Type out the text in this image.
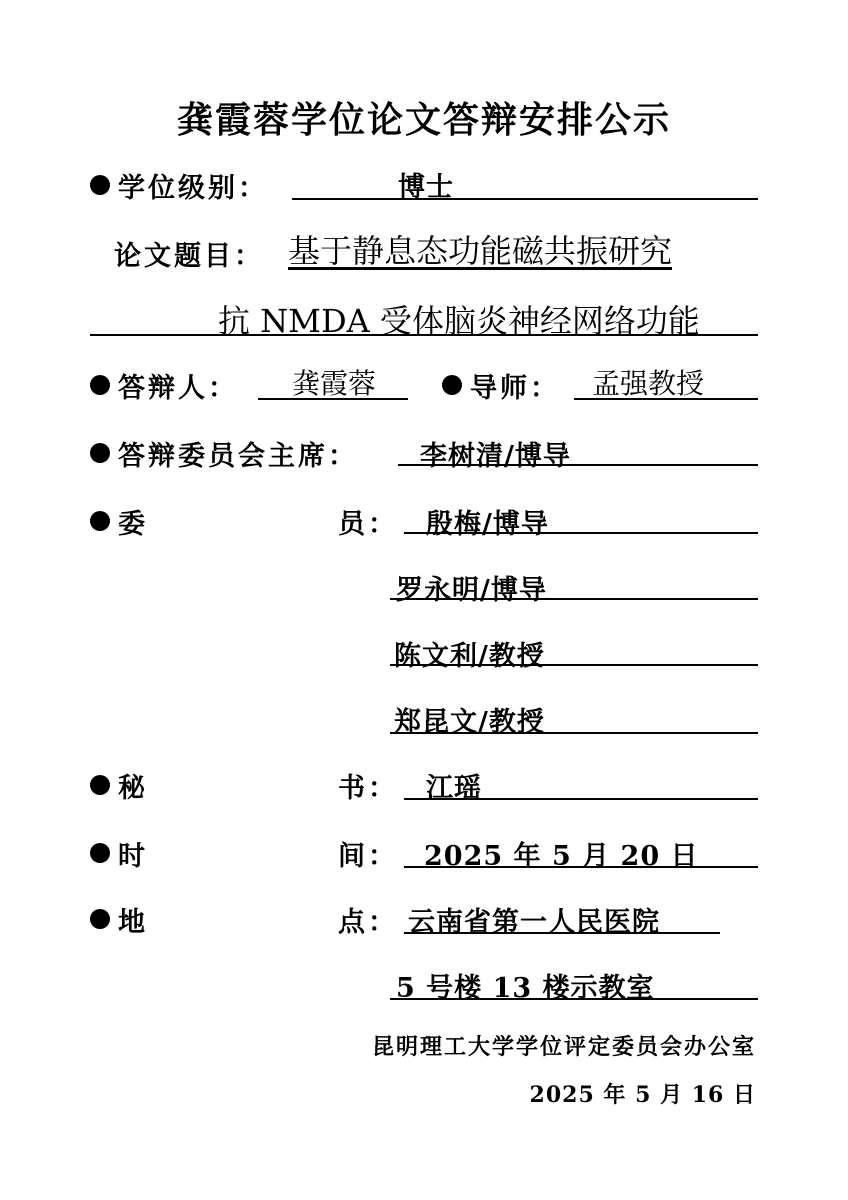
龚霞蓉学位论文答辩安排公示
学位级别：	博士
论文题目： 基于静息态功能磁共振研究
抗 NMDA 受体脑炎神经网络功能
答辩人： 龚霞蓉	导师： 孟强教授
答辩委员会主席： 李树清/博导
委	员： 殷梅/博导
罗永明/博导
陈文利/教授
郑昆文/教授
秘	书： 江瑶
时	间： 2025 年 5 月 20 日
地	点： 云南省第一人民医院
5 号楼 13 楼示教室
昆明理工大学学位评定委员会办公室
2025 年 5 月 16 日
